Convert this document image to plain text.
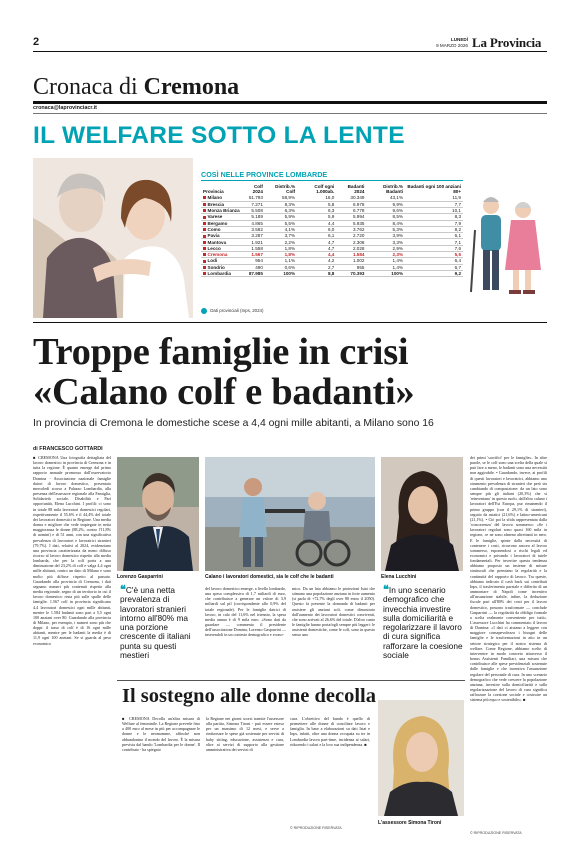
2	LUNEDÌ
9 MARZO 2026 La Provincia
Cronaca di Cremona
cronaca@laprovinciacr.it
IL WELFARE SOTTO LA LENTE
COSÌ NELLE PROVINCE LOMBARDE
Provincia	Colf 2024	Distrib.% Colf	Colf ogni 1.000ab.	Badanti 2024	Distrib.% Badanti	Badanti ogni 100 anziani 80+
Milano	51.793	58,9%	16,0	30.349	43,1%	11,9
Brescia	7.271	8,3%	5,8	6.978	9,9%	7,7
Monza Brianza	5.508	6,3%	6,3	6.778	9,6%	10,1
Varese	5.189	5,9%	5,9	5.994	8,5%	8,3
Bergamo	4.865	5,5%	4,4	5.935	8,4%	7,9
Como	3.582	4,1%	6,0	3.762	5,3%	8,2
Pavia	3.287	3,7%	6,1	2.720	3,9%	6,1
Mantova	1.921	2,2%	4,7	2.308	3,3%	7,1
Lecco	1.558	1,8%	4,7	2.028	2,9%	7,6
Cremona	1.567	1,8%	4,4	1.584	2,3%	5,5
Lodi	954	1,1%	4,2	1.002	1,4%	6,4
Sondrio	490	0,6%	2,7	955	1,4%	6,7
Lombardia	87.985	100%	8,8	70.393	100%	9,2
Dati provinciali (Inps, 2024)
Troppe famiglie in crisi
«Calano colf e badanti»
In provincia di Cremona le domestiche scese a 4,4 ogni mille abitanti, a Milano sono 16
di FRANCESCO GOTTARDI

■ CREMONA Una fotografia dettagliata del lavoro domestico in provincia di Cremona e in tutta la regione. È quanto emerge dal primo rapporto annuale promosso dall'osservatorio Domina - Associazione nazionale famiglie datori di lavoro domestico, presentato mercoledì scorso a Palazzo Lombardia, alla presenza dell'assessore regionale alla Famiglia, Solidarietà sociale, Disabilità e Pari opportunità, Elena Lucchini. I profili: ci sono in totale 88 mila lavoratori domestici regolari, rispettivamente il 55,6% e il 44,4% del totale dei lavoratori domestici in Regione. Una media donna e migliore che vede impiegate in netta maggioranza le donne (88,2%, contro l'11,8% di uomini) e di 51 anni, con una significativa prevalenza di lavoratori e lavoratrici stranieri (79,7%). I dati, relativi al 2024, evidenziano una provincia caratterizzata da meno diffuso ricorso al lavoro domestico rispetto alla media lombarda, che per la colf porta a una diminuzione del 23,2% di colf e valga 4,4 ogni mille abitanti, contro un dato di Milano e sono molto più diffuse rispetto al passato. Guardando alla provincia di Cremona, i dati segnano numeri più contenuti rispetto alla media regionale, segno di un territorio in cui il lavoro domestico resta più sulle spalle delle famiglie. 1.567 colf in provincia significano 4,4 lavoratori domestici ogni mille abitanti, mentre le 1.584 badanti sono pari a 5,5 ogni 100 anziani over 80. Guardando alla provincia di Milano, per esempio, i numeri sono più che doppi: il tasso di colf è di 16 ogni mille abitanti, mentre per le badanti la media è di 11,9 ogni 100 anziani. Se si guarda al peso economico

Lorenzo Gasparrini	Calano i lavoratori domestici, sia le colf che le badanti	Elena Lucchini
❝C'è una netta prevalenza di lavoratori stranieri intorno all'80% ma una porzione crescente di italiani punta su questi mestieri

del lavoro domestico emerge, a livello lombardo, una spesa complessiva di 1,7 miliardi di euro, che contribuisce a generare un valore di 3,9 miliardi sul pil (corrispondente allo 0,9% del totale regionale). Per le famiglie datrici di lavoro, in calo del 11,6% nel triennio, la spesa media annua è di 9 mila euro. «Sono dati da guardare — commenta il presidente dell'associazione Domina, Lorenzo Gasparrini — inserendoli in un contesto demografico e econo-

mico. Da un lato abbiamo le proiezioni Istat che stimano una popolazione anziana in forte aumento (si parla di +72,7% degli over 80 entro il 2050). Questo fa presente la domanda di badanti per assistere gli anziani soli, come dimostrato dall'aumento dei lavoratori domestici conviventi, che sono arrivati al 26,6% del totale. D'altro canto le famiglie hanno portafogli sempre più leggeri: le assistenti domestiche, come le colf, sono in questo senso uno

❝In uno scenario demografico che invecchia investire sulla domiciliarità e regolarizzare il lavoro di cura significa rafforzare la coesione sociale

dei primi 'sacrifici' per le famiglie». In altre parole, se le colf sono una scelta della quale si può fare a meno, le badanti sono una necessità non aggirabile. • Guardando, invece, ai profili di questi lavoratori e lavoratrici, abbiamo uno strumento prevalenza di stranieri che però sta cambiando di composizione: da un lato sono sempre più gli italiani (20,3%) che si 'reinventano' in questo ruolo, dall'altro calano i lavoratori dell'Est Europa, pur rimanendo il primo gruppo (con il 29,1% di stranieri), seguito da asiatici (21,6%) e latino-americani (21,1%). • Ciò poi la sfida rappresentata dalla 'concorrenza' del lavoro sommerso: «Se i lavoratori regolari sono quasi 160 mila in regione, ce ne sono almeno altrettanti in nero. E le famiglie, spinte dalla necessità di contenere i costi, ricorrono ancora al lavoro sommerso, esponendosi a rischi legali ed economici e privando i lavoratori di tutele fondamentali. Per invertire questa tendenza abbiamo proposto un insieme di misure strutturali che premiano la regolarità e la continuità del rapporto di lavoro. Tra queste, abbiamo indicato il cash back sui contributi Inps, il trasferimento parziale e differito di un ammontare di Napoli come incentivo all'assunzione stabile, infine, la deduzione fiscale pari all'80% dei costi per il lavoro domestico, possono trasformare — conclude Gasparrini — la regolarità da obbligo formale a scelta realmente conveniente per tutti». L'assessore Lucchini ha commentato il lavoro di Domina: «I dati ci aiutano a leggere con maggiore consapevolezza i bisogni delle famiglie e le trasformazioni in atto in un settore strategico per il nostro sistema di welfare. Come Regione, abbiamo scelto di intervenire in modo concreto attraverso il bonus Assistenti Familiari, una misura che contribuisce alle spese previdenziali sostenute dalle famiglie e che incentiva l'assunzione regolare del personale di cura. In uno scenario demografico che vede crescere la popolazione anziana, investire sulla domiciliarità e sulla regolarizzazione del lavoro di cura significa rafforzare la coesione sociale e costruire un sistema più equo e sostenibile». ■

© RIPRODUZIONE RISERVATA
Il sostegno alle donne decolla

■ CREMONA Decolla un'altra misura di Welfare al femminile. La Regione prevede fino a 400 euro al mese in più per accompagnare le donne e le neomamme, affinché non abbandonino il mondo del lavoro. È la misura prevista dal bando 'Lombardia per le donne'. Il contributo - ha spiegato

la Regione nei giorni scorsi tramite l'assessore alla partita, Simona Tironi - può essere esteso per un massimo di 12 mesi, e serve a rimborsare le spese già sostenute per servizi di baby sitting, educazione, assistenza e cura, oltre ai servizi di supporto alla gestione amministrativa dei servizi di

cura. L'obiettivo del bando è quello di permettere alle donne di conciliare lavoro e famiglia. In base a elaborazioni su dati Istat e Inps, infatti, oltre una donna occupata su tre in Lombardia lavora part-time, incidenza ai salari, riducendo i salari e la loro sua indipendenza. ■

© RIPRODUZIONE RISERVATA
L'assessore Simona Tironi
